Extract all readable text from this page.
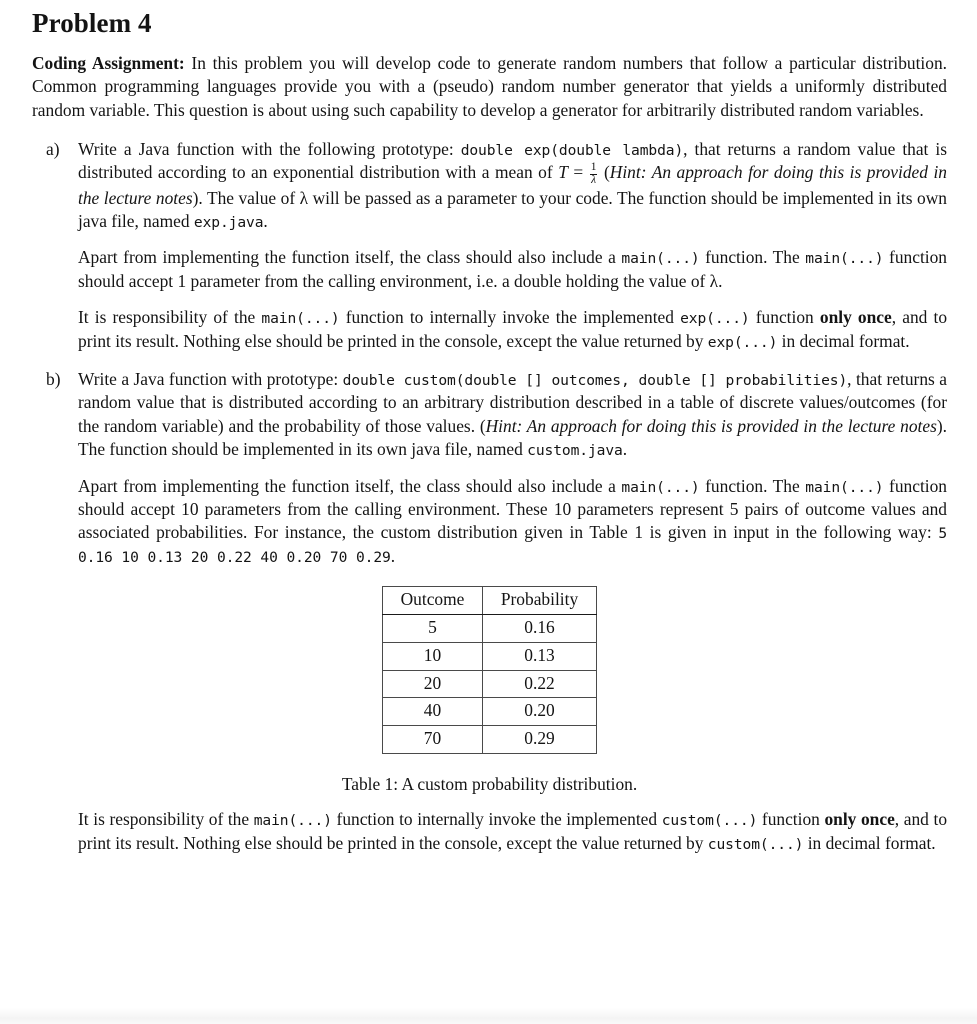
Problem 4

Coding Assignment: In this problem you will develop code to generate random numbers that follow a particular distribution. Common programming languages provide you with a (pseudo) random number generator that yields a uniformly distributed random variable. This question is about using such capability to develop a generator for arbitrarily distributed random variables.

a) Write a Java function with the following prototype: double exp(double lambda), that returns a random value that is distributed according to an exponential distribution with a mean of $T = \frac{1}{\lambda}$ (Hint: An approach for doing this is provided in the lecture notes). The value of λ will be passed as a parameter to your code. The function should be implemented in its own java file, named exp.java.

Apart from implementing the function itself, the class should also include a main(...) function. The main(...) function should accept 1 parameter from the calling environment, i.e. a double holding the value of λ.

It is responsibility of the main(...) function to internally invoke the implemented exp(...) function only once, and to print its result. Nothing else should be printed in the console, except the value returned by exp(...) in decimal format.

b) Write a Java function with prototype: double custom(double [] outcomes, double [] probabilities), that returns a random value that is distributed according to an arbitrary distribution described in a table of discrete values/outcomes (for the random variable) and the probability of those values. (Hint: An approach for doing this is provided in the lecture notes). The function should be implemented in its own java file, named custom.java.

Apart from implementing the function itself, the class should also include a main(...) function. The main(...) function should accept 10 parameters from the calling environment. These 10 parameters represent 5 pairs of outcome values and associated probabilities. For instance, the custom distribution given in Table 1 is given in input in the following way: 5 0.16 10 0.13 20 0.22 40 0.20 70 0.29.

Outcome	Probability
5	0.16
10	0.13
20	0.22
40	0.20
70	0.29
Table 1: A custom probability distribution.

It is responsibility of the main(...) function to internally invoke the implemented custom(...) function only once, and to print its result. Nothing else should be printed in the console, except the value returned by custom(...) in decimal format.
